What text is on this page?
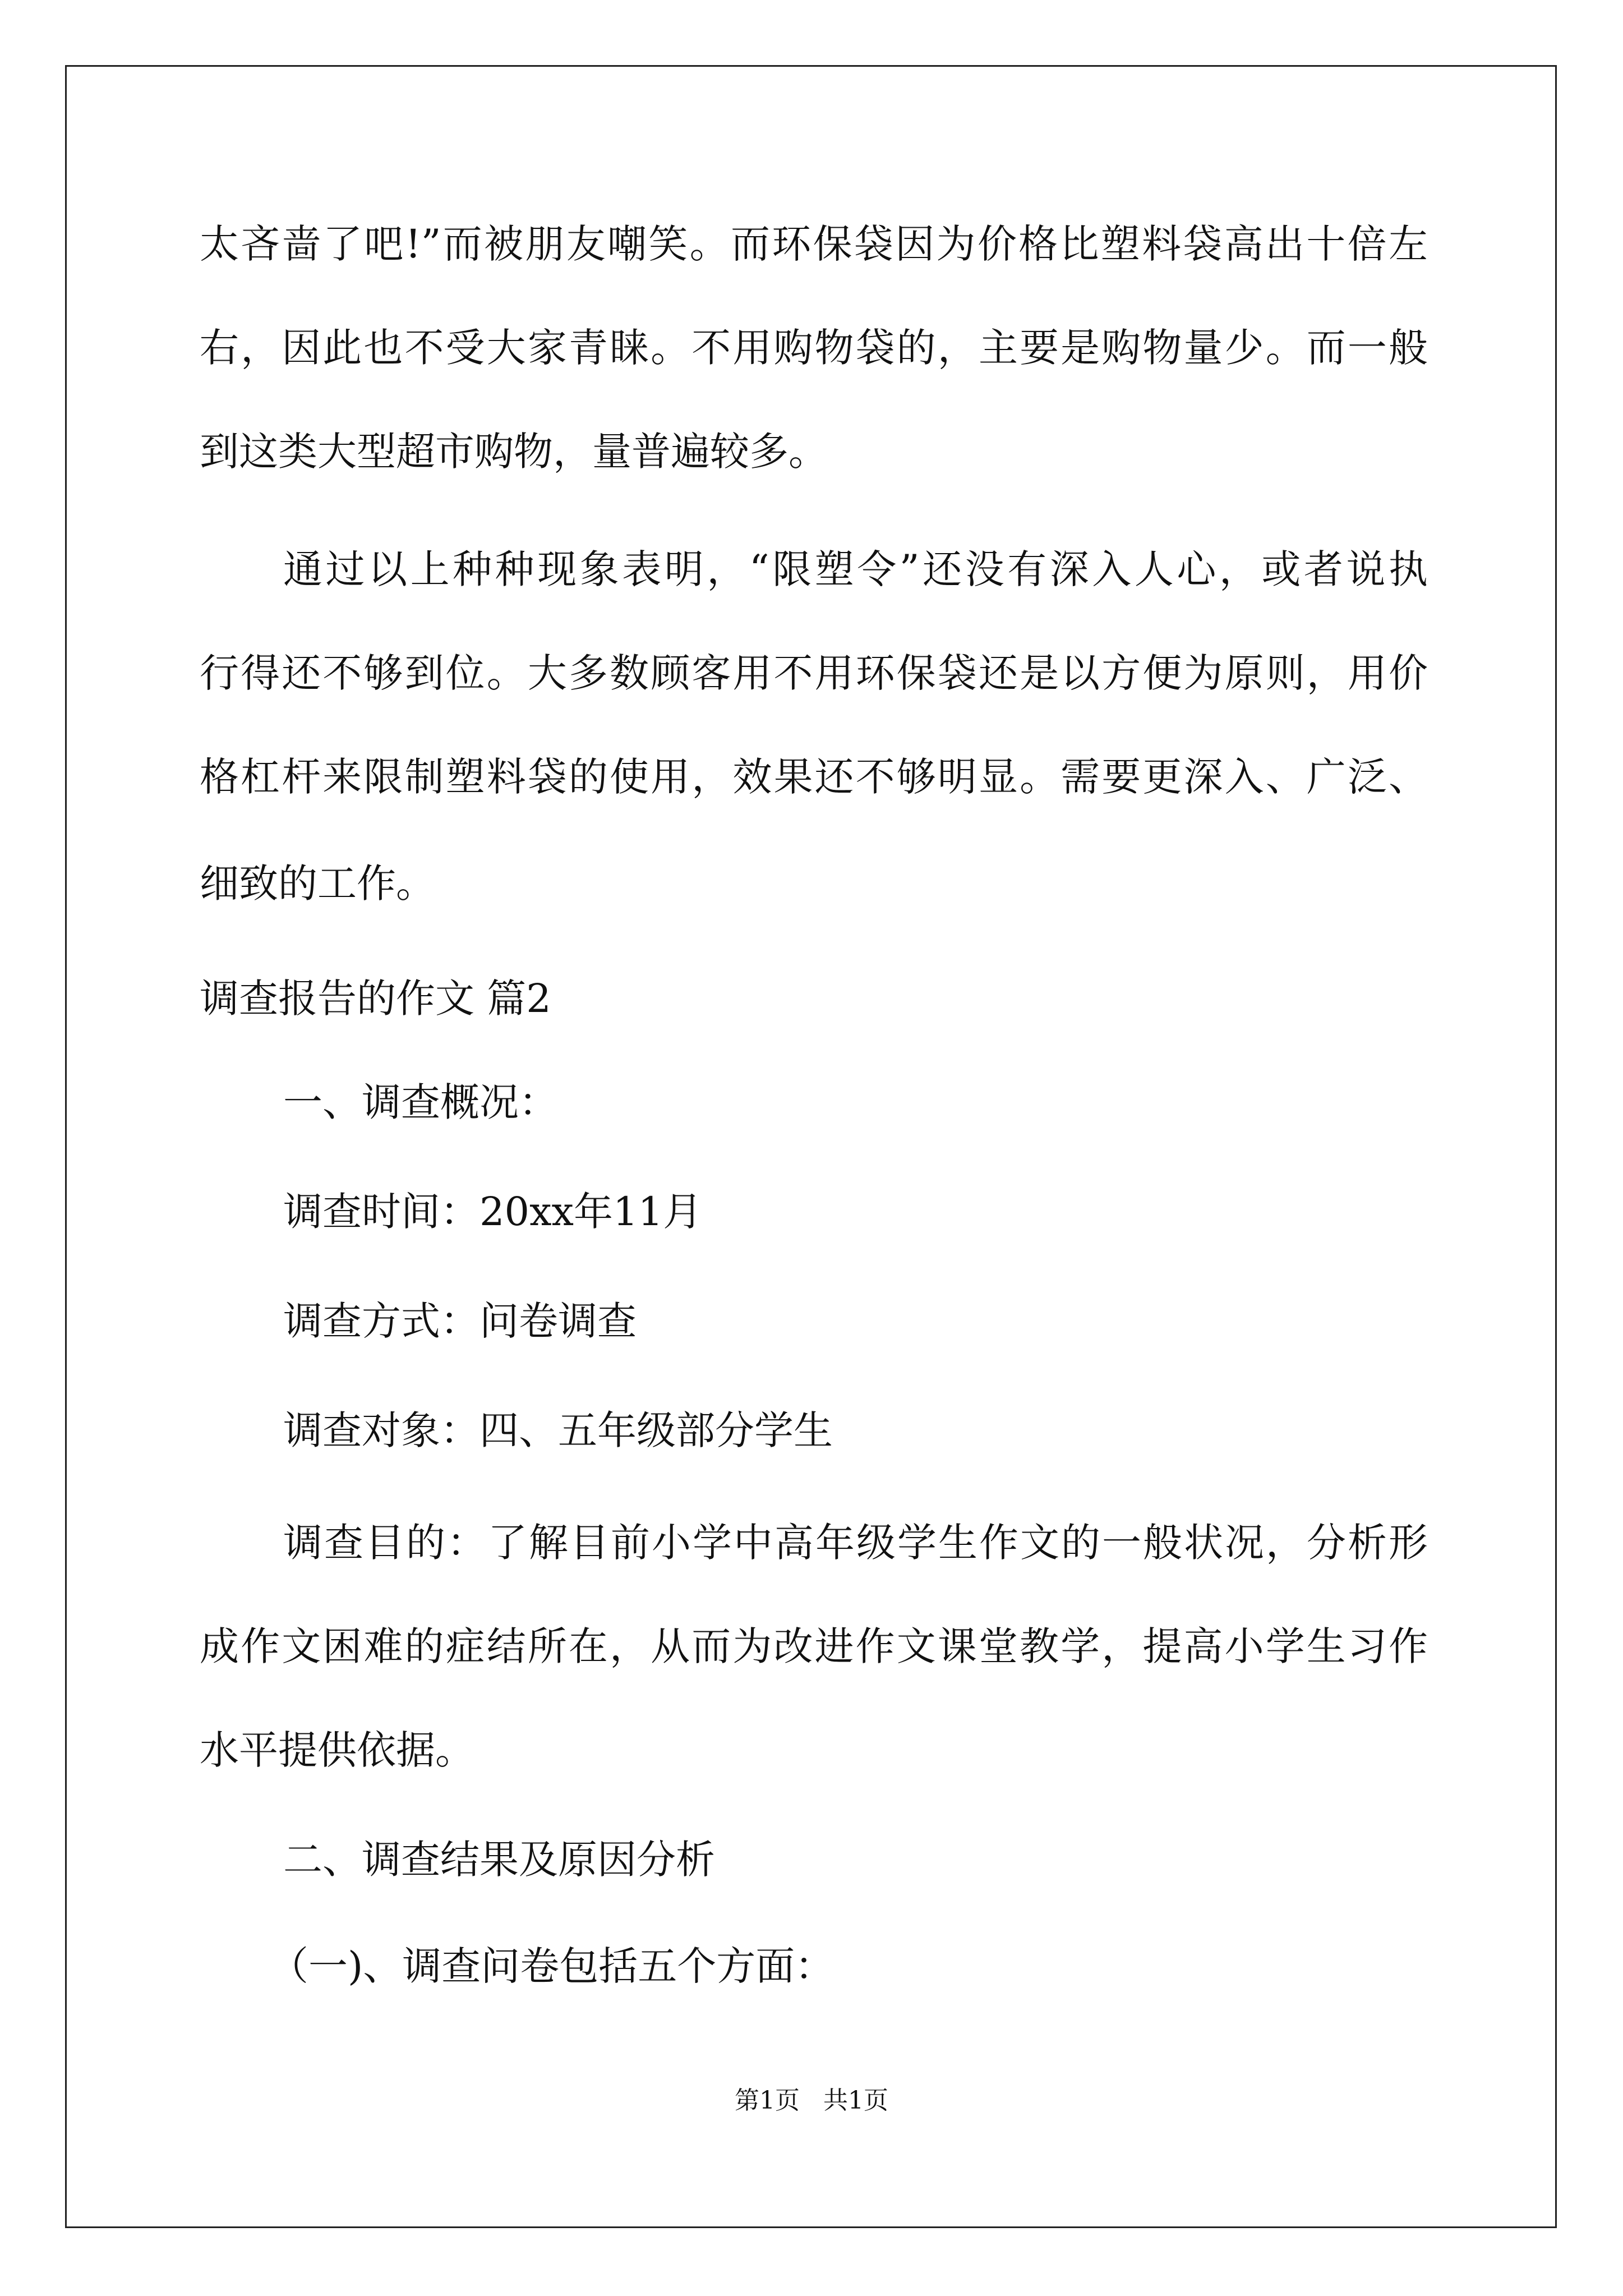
太吝啬了吧!”而被朋友嘲笑。而环保袋因为价格比塑料袋高出十倍左

右，因此也不受大家青睐。不用购物袋的，主要是购物量少。而一般

到这类大型超市购物，量普遍较多。

通过以上种种现象表明，“限塑令”还没有深入人心，或者说执

行得还不够到位。大多数顾客用不用环保袋还是以方便为原则，用价

格杠杆来限制塑料袋的使用，效果还不够明显。需要更深入、广泛、

细致的工作。

调查报告的作文 篇2

一、调查概况：

调查时间：20xx年11月

调查方式：问卷调查

调查对象：四、五年级部分学生

调查目的：了解目前小学中高年级学生作文的一般状况，分析形

成作文困难的症结所在，从而为改进作文课堂教学，提高小学生习作

水平提供依据。

二、调查结果及原因分析

（一)、调查问卷包括五个方面：

第1页   共1页
